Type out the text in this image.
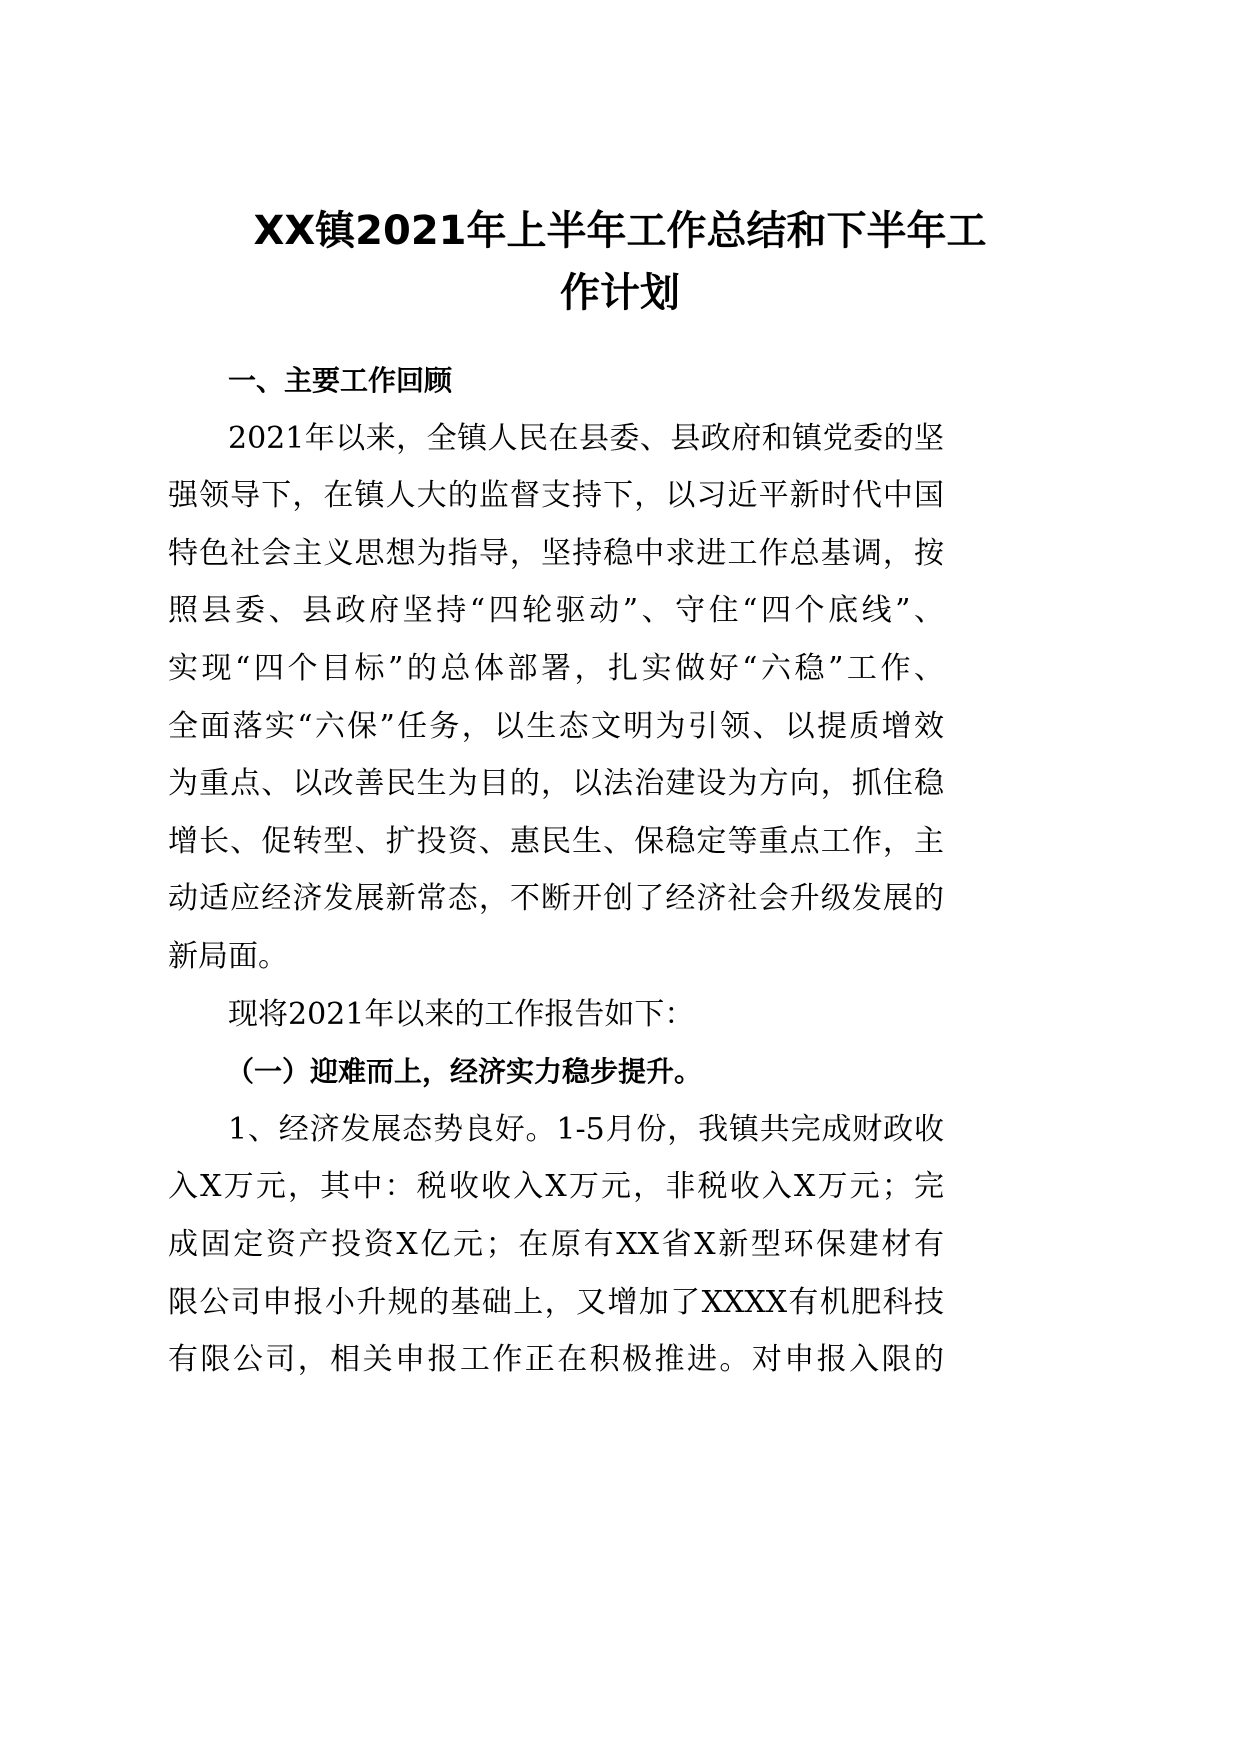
XX镇2021年上半年工作总结和下半年工
作计划
一、主要工作回顾
2021年以来，全镇人民在县委、县政府和镇党委的坚
强领导下，在镇人大的监督支持下，以习近平新时代中国
特色社会主义思想为指导，坚持稳中求进工作总基调，按
照县委、县政府坚持“四轮驱动”、守住“四个底线”、
实现“四个目标”的总体部署，扎实做好“六稳”工作、
全面落实“六保”任务，以生态文明为引领、以提质增效
为重点、以改善民生为目的，以法治建设为方向，抓住稳
增长、促转型、扩投资、惠民生、保稳定等重点工作，主
动适应经济发展新常态，不断开创了经济社会升级发展的
新局面。
现将2021年以来的工作报告如下：
（一）迎难而上，经济实力稳步提升。
1、经济发展态势良好。1-5月份，我镇共完成财政收
入X万元，其中：税收收入X万元，非税收入X万元；完
成固定资产投资X亿元；在原有XX省X新型环保建材有
限公司申报小升规的基础上，又增加了XXXX有机肥科技
有限公司，相关申报工作正在积极推进。对申报入限的
